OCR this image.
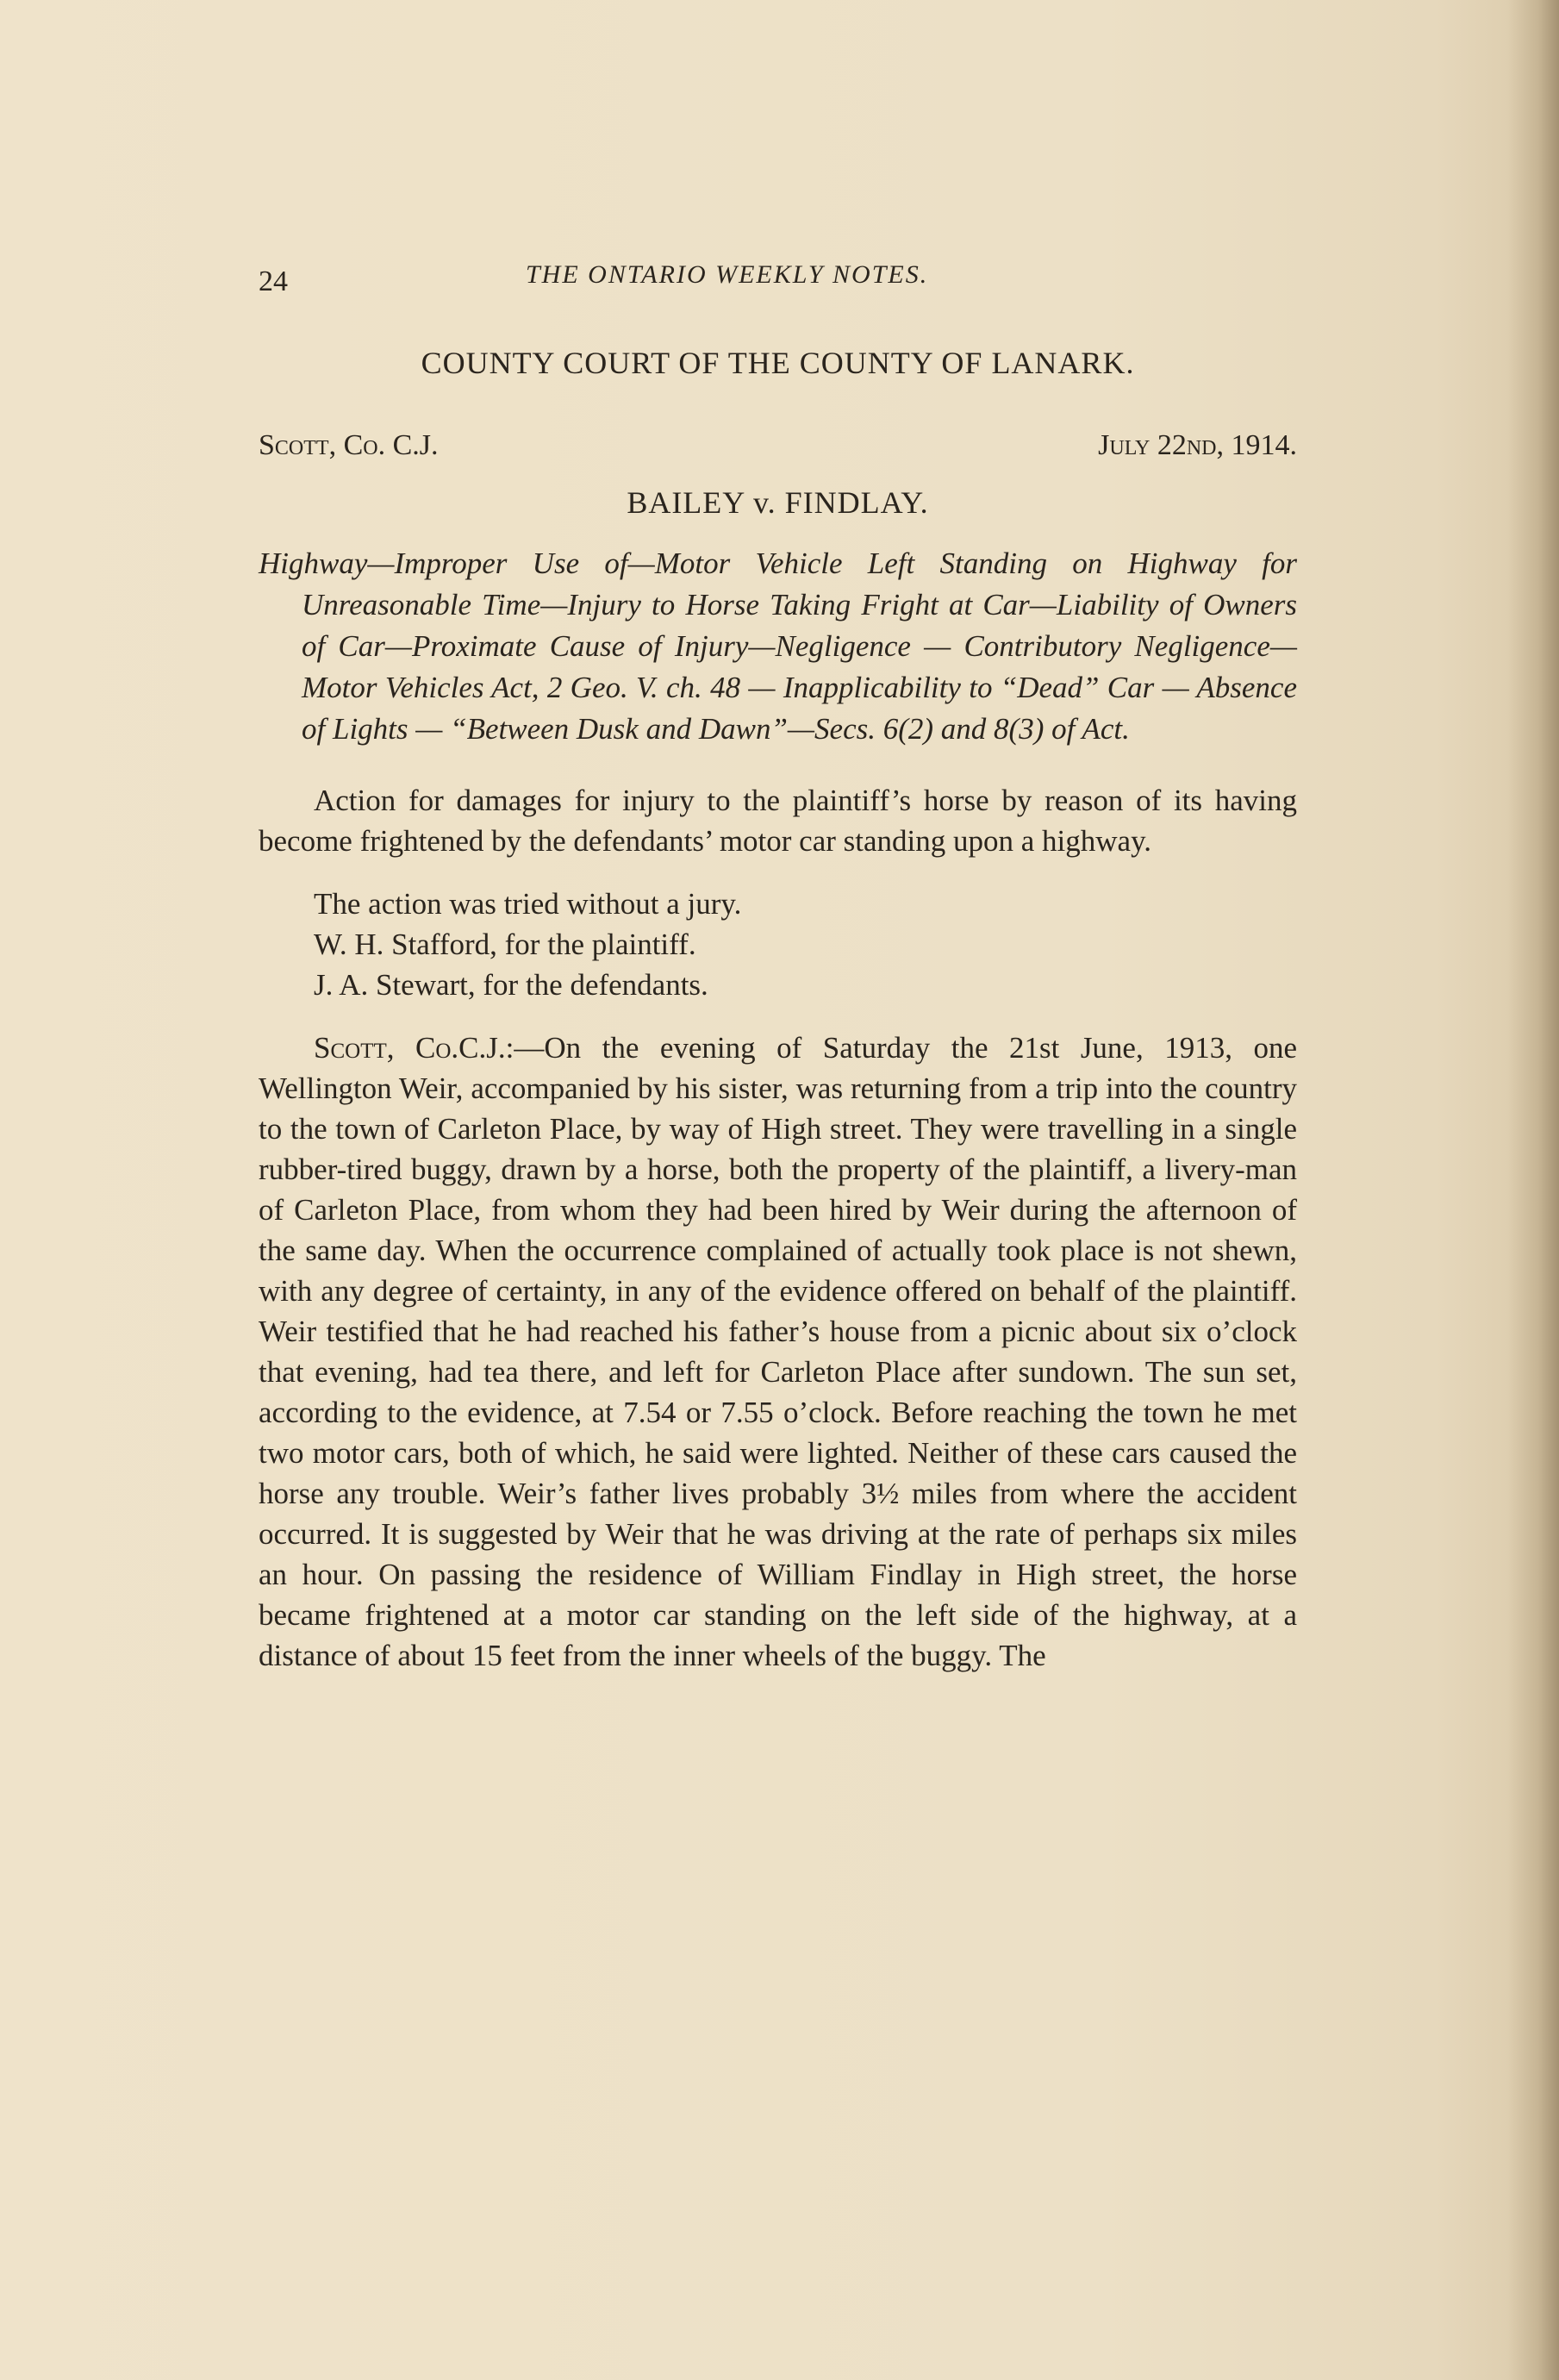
24	THE ONTARIO WEEKLY NOTES.
COUNTY COURT OF THE COUNTY OF LANARK.
Scott, Co. C.J.	July 22nd, 1914.
BAILEY v. FINDLAY.

Highway—Improper Use of—Motor Vehicle Left Standing on Highway for Unreasonable Time—Injury to Horse Taking Fright at Car—Liability of Owners of Car—Proximate Cause of Injury—Negligence — Contributory Negligence—Motor Vehicles Act, 2 Geo. V. ch. 48 — Inapplicability to “Dead” Car — Absence of Lights — “Between Dusk and Dawn”—Secs. 6(2) and 8(3) of Act.

Action for damages for injury to the plaintiff’s horse by reason of its having become frightened by the defendants’ motor car standing upon a highway.

The action was tried without a jury.

W. H. Stafford, for the plaintiff.

J. A. Stewart, for the defendants.

Scott, Co.C.J.:—On the evening of Saturday the 21st June, 1913, one Wellington Weir, accompanied by his sister, was returning from a trip into the country to the town of Carleton Place, by way of High street. They were travelling in a single rubber-tired buggy, drawn by a horse, both the property of the plaintiff, a livery-man of Carleton Place, from whom they had been hired by Weir during the afternoon of the same day. When the occurrence complained of actually took place is not shewn, with any degree of certainty, in any of the evidence offered on behalf of the plaintiff. Weir testified that he had reached his father’s house from a picnic about six o’clock that evening, had tea there, and left for Carleton Place after sundown. The sun set, according to the evidence, at 7.54 or 7.55 o’clock. Before reaching the town he met two motor cars, both of which, he said were lighted. Neither of these cars caused the horse any trouble. Weir’s father lives probably 3½ miles from where the accident occurred. It is suggested by Weir that he was driving at the rate of perhaps six miles an hour. On passing the residence of William Findlay in High street, the horse became frightened at a motor car standing on the left side of the highway, at a distance of about 15 feet from the inner wheels of the buggy. The
